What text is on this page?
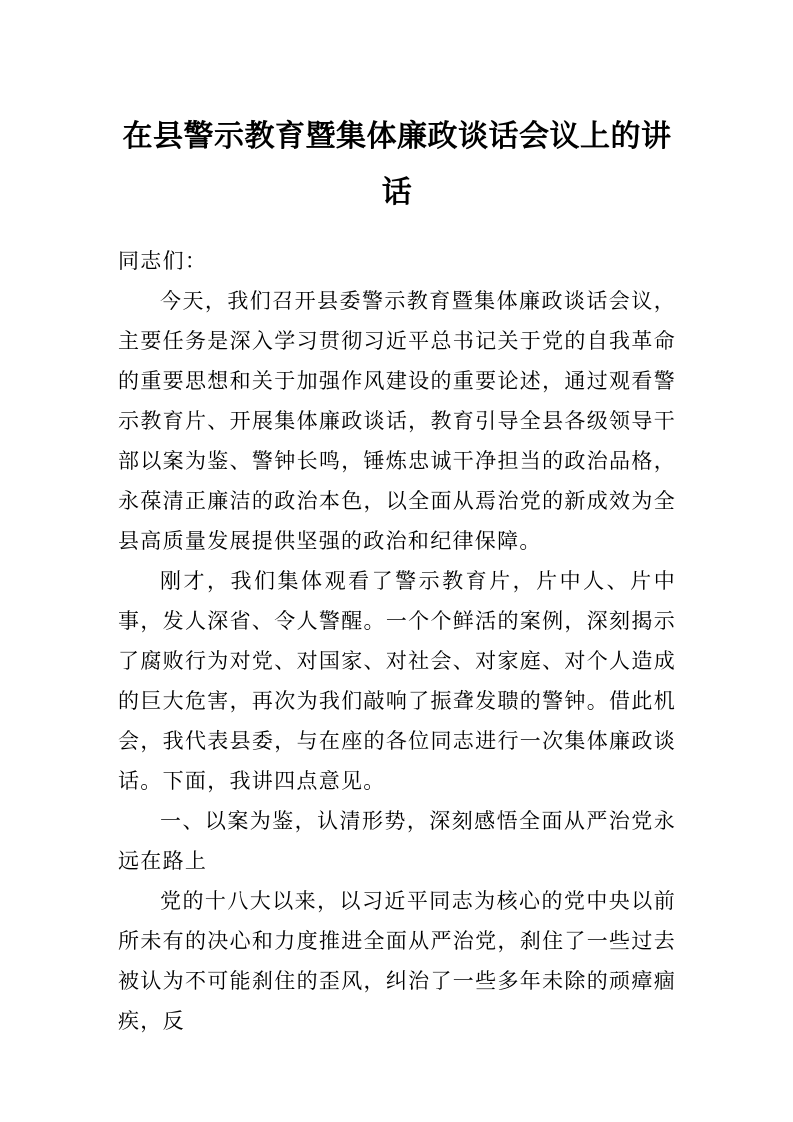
在县警示教育暨集体廉政谈话会议上的讲话

同志们：

今天，我们召开县委警示教育暨集体廉政谈话会议，主要任务是深入学习贯彻习近平总书记关于党的自我革命的重要思想和关于加强作风建设的重要论述，通过观看警示教育片、开展集体廉政谈话，教育引导全县各级领导干部以案为鉴、警钟长鸣，锤炼忠诚干净担当的政治品格，永葆清正廉洁的政治本色，以全面从焉治党的新成效为全县高质量发展提供坚强的政治和纪律保障。

刚才，我们集体观看了警示教育片，片中人、片中事，发人深省、令人警醒。一个个鲜活的案例，深刻揭示了腐败行为对党、对国家、对社会、对家庭、对个人造成的巨大危害，再次为我们敲响了振聋发聩的警钟。借此机会，我代表县委，与在座的各位同志进行一次集体廉政谈话。下面，我讲四点意见。

一、以案为鉴，认清形势，深刻感悟全面从严治党永远在路上

党的十八大以来，以习近平同志为核心的党中央以前所未有的决心和力度推进全面从严治党，刹住了一些过去被认为不可能刹住的歪风，纠治了一些多年未除的顽瘴痼疾，反
